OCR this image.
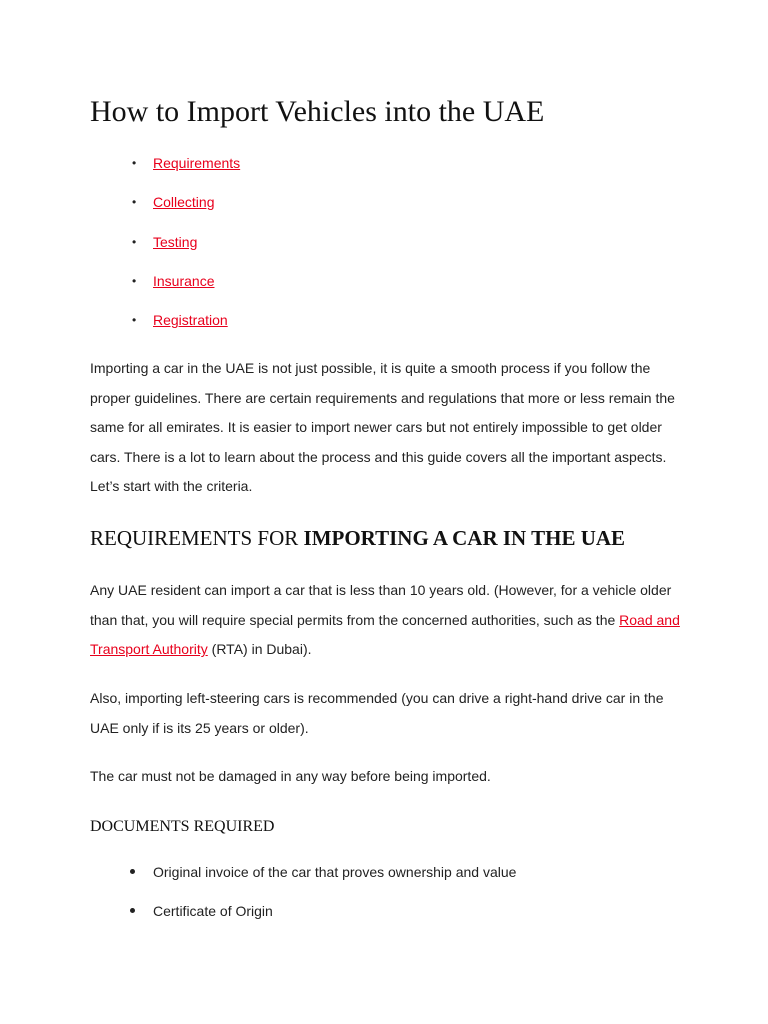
How to Import Vehicles into the UAE
•	Requirements
•	Collecting
•	Testing
•	Insurance
•	Registration

Importing a car in the UAE is not just possible, it is quite a smooth process if you follow the proper guidelines. There are certain requirements and regulations that more or less remain the same for all emirates. It is easier to import newer cars but not entirely impossible to get older cars. There is a lot to learn about the process and this guide covers all the important aspects. Let’s start with the criteria.

REQUIREMENTS FOR IMPORTING A CAR IN THE UAE

Any UAE resident can import a car that is less than 10 years old. (However, for a vehicle older than that, you will require special permits from the concerned authorities, such as the Road and Transport Authority (RTA) in Dubai).

Also, importing left-steering cars is recommended (you can drive a right-hand drive car in the UAE only if is its 25 years or older).

The car must not be damaged in any way before being imported.

DOCUMENTS REQUIRED
Original invoice of the car that proves ownership and value
Certificate of Origin
